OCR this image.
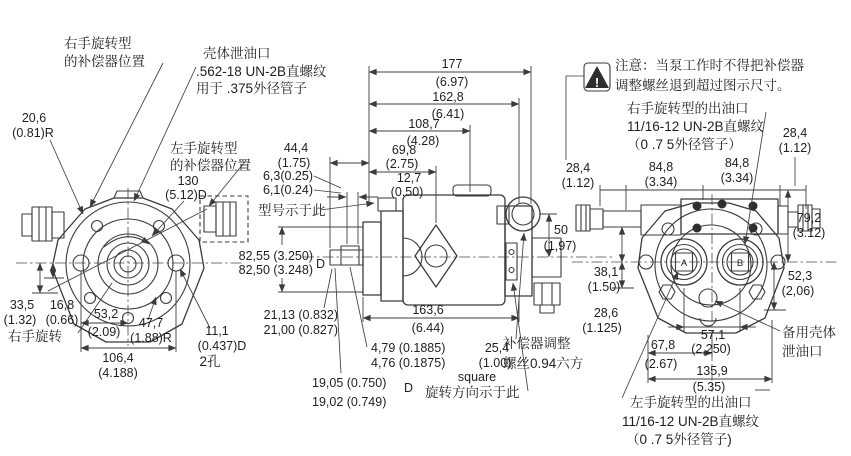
右手旋转型
的补偿器位置
壳体泄油口
.562-18 UN-2B直螺纹
用于 .375外径管子
20,6
(0.81)R
左手旋转型
的补偿器位置
130
(5.12)D
33,5
(1.32)
16,8
(0.66)
右手旋转
53,2
(2.09)
47,7
(1.88)R	11,1
(0.437)D
2孔
106,4
(4.188)
177
(6.97)
162,8
(6.41)
108,7
(4.28)
44,4
(1.75)
69,8
(2.75)
6,3(0.25)
6,1(0.24)
12,7
(0.50)
型号示于此
82,55 (3.250)
82,50 (3.248) D
21,13 (0.832)
21,00 (0.827)
163,6
(6.44)
4,79 (0.1885)
4,76 (0.1875)
25,4
(1.00)
square
19,05 (0.750) D
19,02 (0.749)
旋转方向示于此
补偿器调整
螺丝0.94六方
50
(1,97)
!
注意：当泵工作时不得把补偿器
调整螺丝退到超过图示尺寸。
右手旋转型的出油口
11/16-12 UN-2B直螺纹
（0 .7 5外径管子）
28,4
(1.12)
28,4
(1.12)
84,8
(3.34)
84,8
(3.34)
79,2
(3.12)
38,1
(1.50)
52,3
(2,06)
28,6
(1.125)	57,1
(2,250)
67,8
(2.67) 135,9
(5.35)
备用壳体
泄油口
左手旋转型的出油口
11/16-12 UN-2B直螺纹
（0 .7 5外径管子)
A	B
